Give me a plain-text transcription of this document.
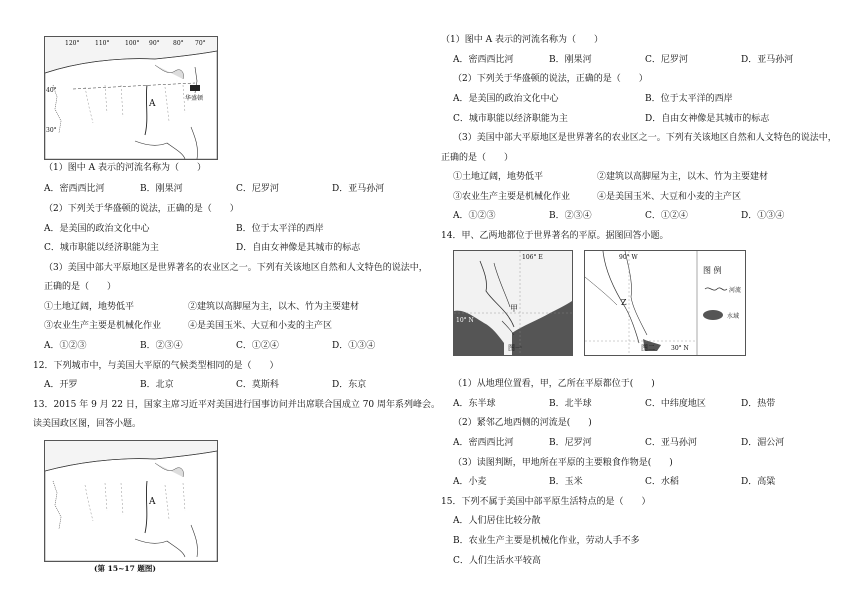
120°	110°	100° 90° 80° 70°
40°
30°
A
华盛顿
（1）图中 A 表示的河流名称为（　　）
A．密西西比河	B．刚果河	C．尼罗河	D．亚马孙河
（2）下列关于华盛顿的说法，正确的是（　　）
A．是美国的政治文化中心	B．位于太平洋的西岸
C．城市职能以经济职能为主	D．自由女神像是其城市的标志
（3）美国中部大平原地区是世界著名的农业区之一。下列有关该地区自然和人文特色的说法中，
正确的是（　　）
①土地辽阔，地势低平	②建筑以高脚屋为主，以木、竹为主要建材
③农业生产主要是机械化作业	④是美国玉米、大豆和小麦的主产区
A．①②③	B．②③④	C．①②④	D．①③④
12．下列城市中，与美国大平原的气候类型相同的是（　　）
A．开罗	B．北京	C．莫斯科	D．东京
13．2015 年 9 月 22 日，国家主席习近平对美国进行国事访问并出席联合国成立 70 周年系列峰会。
读美国政区图，回答小题。
A
(第 15~17 题图)
（1）图中 A 表示的河流名称为（　　）
A．密西西比河	B．刚果河	C．尼罗河	D．亚马孙河
（2）下列关于华盛顿的说法，正确的是（　　）
A．是美国的政治文化中心	B．位于太平洋的西岸
C．城市职能以经济职能为主	D．自由女神像是其城市的标志
（3）美国中部大平原地区是世界著名的农业区之一。下列有关该地区自然和人文特色的说法中，
正确的是（　　）
①土地辽阔，地势低平	②建筑以高脚屋为主，以木、竹为主要建材
③农业生产主要是机械化作业	④是美国玉米、大豆和小麦的主产区
A．①②③	B．②③④	C．①②④	D．①③④
14．甲、乙两地都位于世界著名的平原。据图回答小题。
106° E
10° N
甲
图一
90° W
30° N
Z
图 例
河流
水域
图二
（1）从地理位置看，甲，乙所在平原都位于(　　)
A．东半球	B．北半球	C．中纬度地区	D．热带
（2）紧邻乙地西侧的河流是(　　)
A．密西西比河	B．尼罗河	C．亚马孙河	D．湄公河
（3）读图判断，甲地所在平原的主要粮食作物是(　　)
A．小麦	B．玉米	C．水稻	D．高粱
15．下列不属于美国中部平原生活特点的是（　　）
A．人们居住比较分散
B．农业生产主要是机械化作业，劳动人手不多
C．人们生活水平较高
